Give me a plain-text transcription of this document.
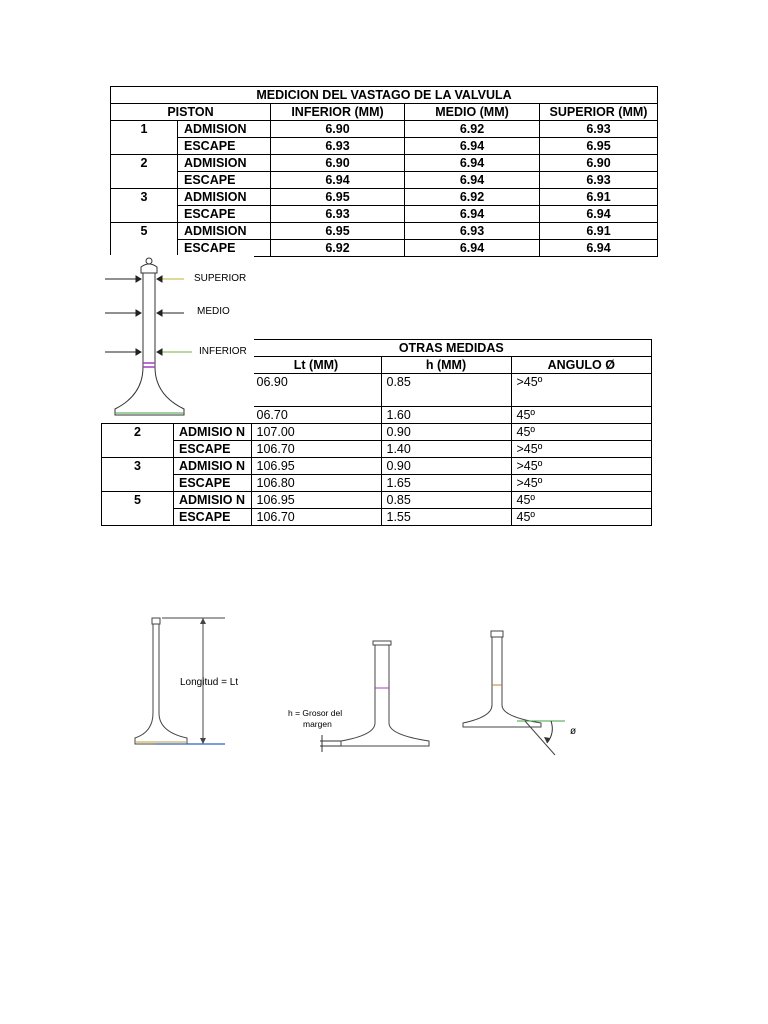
MEDICION DEL VASTAGO DE LA VALVULA				
PISTON		INFERIOR (MM)	MEDIO (MM)	SUPERIOR (MM)
1	ADMISION	6.90	6.92	6.93
	ESCAPE	6.93	6.94	6.95
2	ADMISION	6.90	6.94	6.90
	ESCAPE	6.94	6.94	6.93
3	ADMISION	6.95	6.92	6.91
	ESCAPE	6.93	6.94	6.94
5	ADMISION	6.95	6.93	6.91
	ESCAPE	6.92	6.94	6.94
		OTRAS MEDIDAS		
		Lt (MM)	h (MM)	ANGULO Ø
		06.90	0.85	>45º
		06.70	1.60	45º
2	ADMISIO N	107.00	0.90	45º
	ESCAPE	106.70	1.40	>45º
3	ADMISIO N	106.95	0.90	>45º
	ESCAPE	106.80	1.65	>45º
5	ADMISIO N	106.95	0.85	45º
	ESCAPE	106.70	1.55	45º
SUPERIOR
MEDIO
INFERIOR
Longitud = Lt
h = Grosor del
margen
ø
